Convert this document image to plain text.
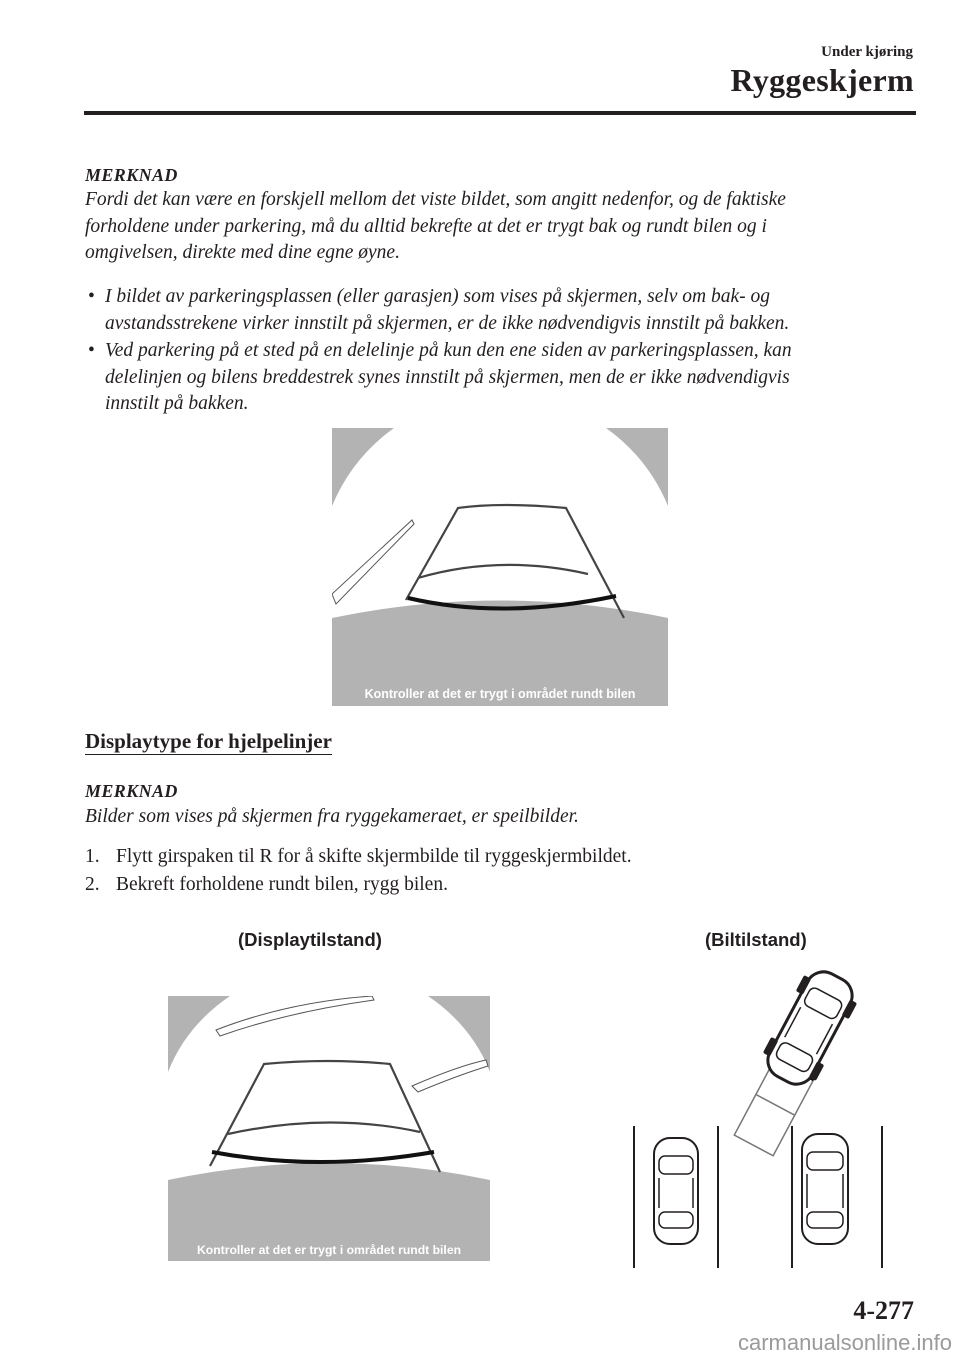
Under kjøring
Ryggeskjerm
MERKNAD
Fordi det kan være en forskjell mellom det viste bildet, som angitt nedenfor, og de faktiske
forholdene under parkering, må du alltid bekrefte at det er trygt bak og rundt bilen og i
omgivelsen, direkte med dine egne øyne.
• I bildet av parkeringsplassen (eller garasjen) som vises på skjermen, selv om bak- og
avstandsstrekene virker innstilt på skjermen, er de ikke nødvendigvis innstilt på bakken.
• Ved parkering på et sted på en delelinje på kun den ene siden av parkeringsplassen, kan
delelinjen og bilens breddestrek synes innstilt på skjermen, men de er ikke nødvendigvis
innstilt på bakken.
Kontroller at det er trygt i området rundt bilen
Displaytype for hjelpelinjer
MERKNAD
Bilder som vises på skjermen fra ryggekameraet, er speilbilder.
1. Flytt girspaken til R for å skifte skjermbilde til ryggeskjermbildet.
2. Bekreft forholdene rundt bilen, rygg bilen.
(Displaytilstand)	(Biltilstand)
Kontroller at det er trygt i området rundt bilen
4-277
carmanualsonline.info
